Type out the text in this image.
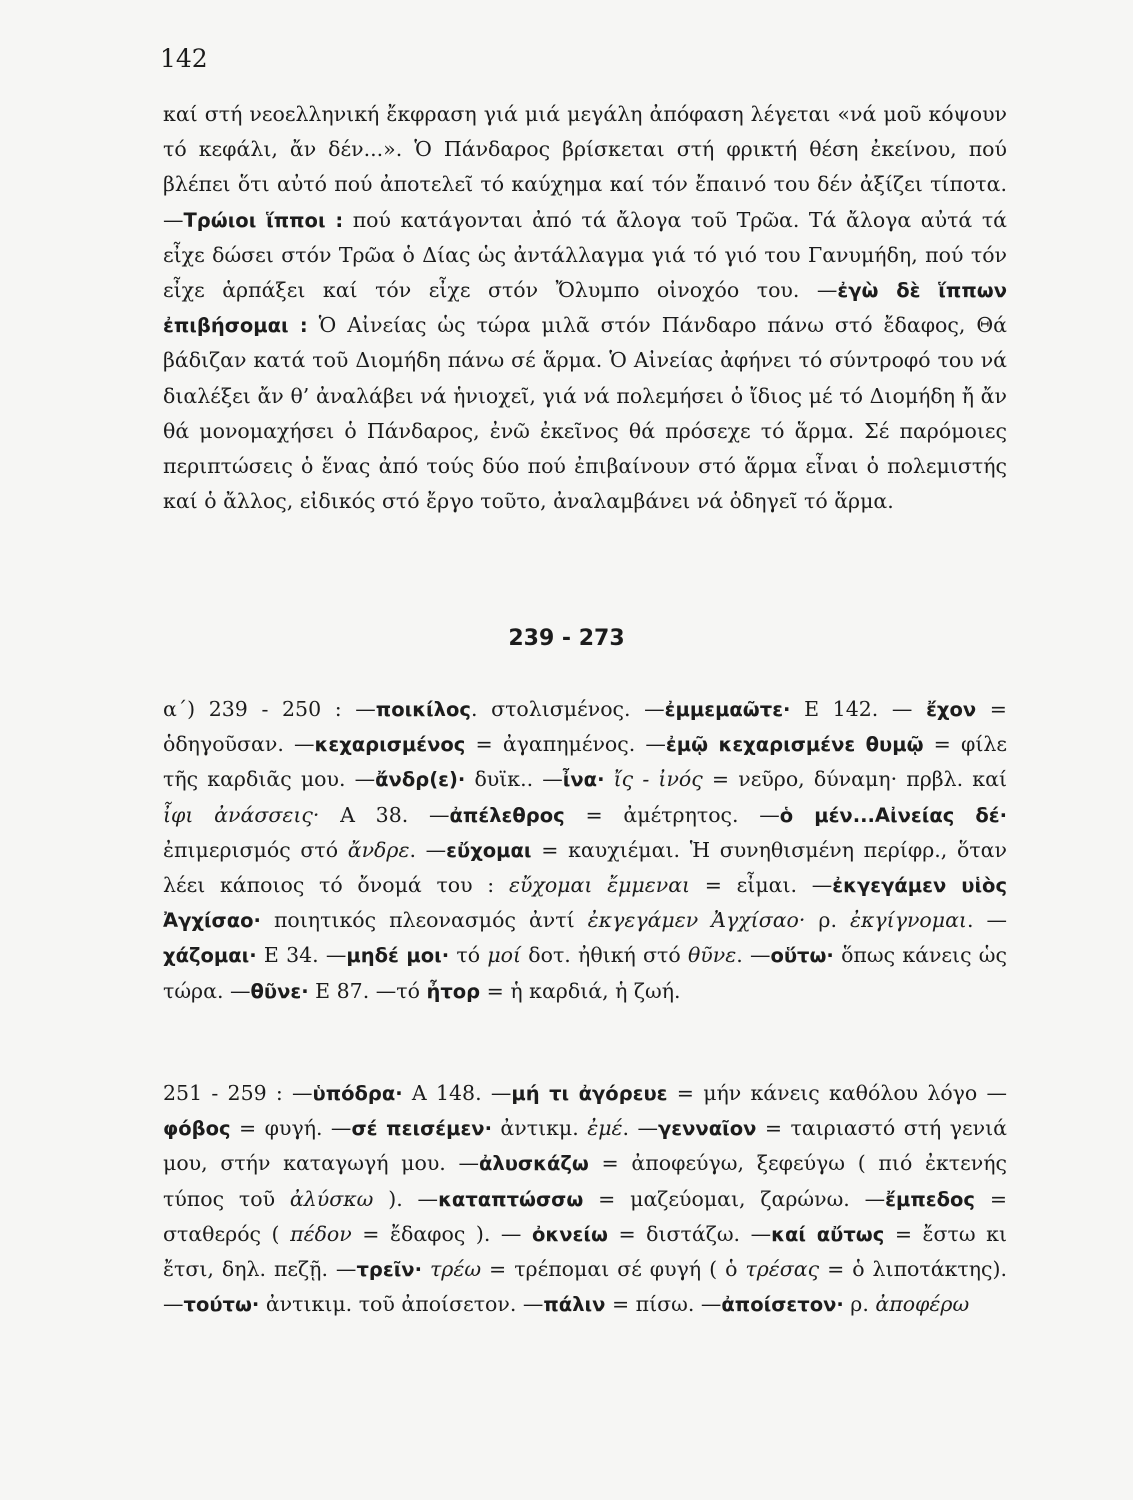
142
καί στή νεοελληνική ἔκφραση γιά μιά μεγάλη ἀπόφαση λέγεται «νά μοῦ κόψουν τό κεφάλι, ἄν δέν...». Ὁ Πάνδαρος βρίσκεται στή φρικτή θέση ἐκείνου, πού βλέπει ὅτι αὐτό πού ἀποτελεῖ τό καύχημα καί τόν ἔπαινό του δέν ἀξίζει τίποτα. —Τρώιοι ἵπποι : πού κατάγονται ἀπό τά ἄλογα τοῦ Τρῶα. Τά ἄλογα αὐτά τά εἶχε δώσει στόν Τρῶα ὁ Δίας ὡς ἀντάλλαγμα γιά τό γιό του Γανυμήδη, πού τόν εἶχε ἁρπάξει καί τόν εἶχε στόν Ὄλυμπο οἰνοχόο του. —ἐγὼ δὲ ἵππων ἐπιβήσομαι : Ὁ Αἰνείας ὡς τώρα μιλᾶ στόν Πάνδαρο πάνω στό ἔδαφος, Θά βάδιζαν κατά τοῦ Διομήδη πάνω σέ ἅρμα. Ὁ Αἰνείας ἀφήνει τό σύντροφό του νά διαλέξει ἄν θ’ ἀναλάβει νά ἡνιοχεῖ, γιά νά πολεμήσει ὁ ἴδιος μέ τό Διομήδη ἤ ἄν θά μονομαχήσει ὁ Πάνδαρος, ἐνῶ ἐκεῖνος θά πρόσεχε τό ἅρμα. Σέ παρόμοιες περιπτώσεις ὁ ἕνας ἀπό τούς δύο πού ἐπιβαίνουν στό ἅρμα εἶναι ὁ πολεμιστής καί ὁ ἄλλος, εἰδικός στό ἔργο τοῦτο, ἀναλαμβάνει νά ὁδηγεῖ τό ἅρμα.
239 - 273
α΄) 239 - 250 : —ποικίλος. στολισμένος. —ἐμμεμαῶτε· Ε 142. — ἔχον = ὁδηγοῦσαν. —κεχαρισμένος = ἀγαπημένος. —ἐμῷ κεχαρισμένε θυμῷ = φίλε τῆς καρδιᾶς μου. —ἄνδρ(ε)· δυϊκ.. —ἶνα· ἴς - ἰνός = νεῦρο, δύναμη· πρβλ. καί ἶφι ἀνάσσεις· Α 38. —ἀπέλεθρος = ἀμέτρητος. —ὁ μέν...Αἰνείας δέ· ἐπιμερισμός στό ἄνδρε. —εὔχομαι = καυχιέμαι. Ἡ συνηθισμένη περίφρ., ὅταν λέει κάποιος τό ὄνομά του : εὔχομαι ἔμμεναι = εἶμαι. —ἐκγεγάμεν υἱὸς Ἀγχίσαο· ποιητικός πλεονασμός ἀντί ἐκγεγάμεν Ἀγχίσαο· ρ. ἐκγίγνομαι. —χάζομαι· Ε 34. —μηδέ μοι· τό μοί δοτ. ἠθική στό θῦνε. —οὕτω· ὅπως κάνεις ὡς τώρα. —θῦνε· Ε 87. —τό ἦτορ = ἡ καρδιά, ἡ ζωή.
251 - 259 : —ὑπόδρα· Α 148. —μή τι ἀγόρευε = μήν κάνεις καθόλου λόγο —φόβος = φυγή. —σέ πεισέμεν· ἀντικμ. ἐμέ. —γενναῖον = ταιριαστό στή γενιά μου, στήν καταγωγή μου. —ἀλυσκάζω = ἀποφεύγω, ξεφεύγω ( πιό ἐκτενής τύπος τοῦ ἀλύσκω ). —καταπτώσσω = μαζεύομαι, ζαρώνω. —ἔμπεδος = σταθερός ( πέδον = ἔδαφος ). — ὀκνείω = διστάζω. —καί αὔτως = ἔστω κι ἔτσι, δηλ. πεζῇ. —τρεῖν· τρέω = τρέπομαι σέ φυγή ( ὁ τρέσας = ὁ λιποτάκτης). —τούτω· ἀντικιμ. τοῦ ἀποίσετον. —πάλιν = πίσω. —ἀποίσετον· ρ. ἀποφέρω
